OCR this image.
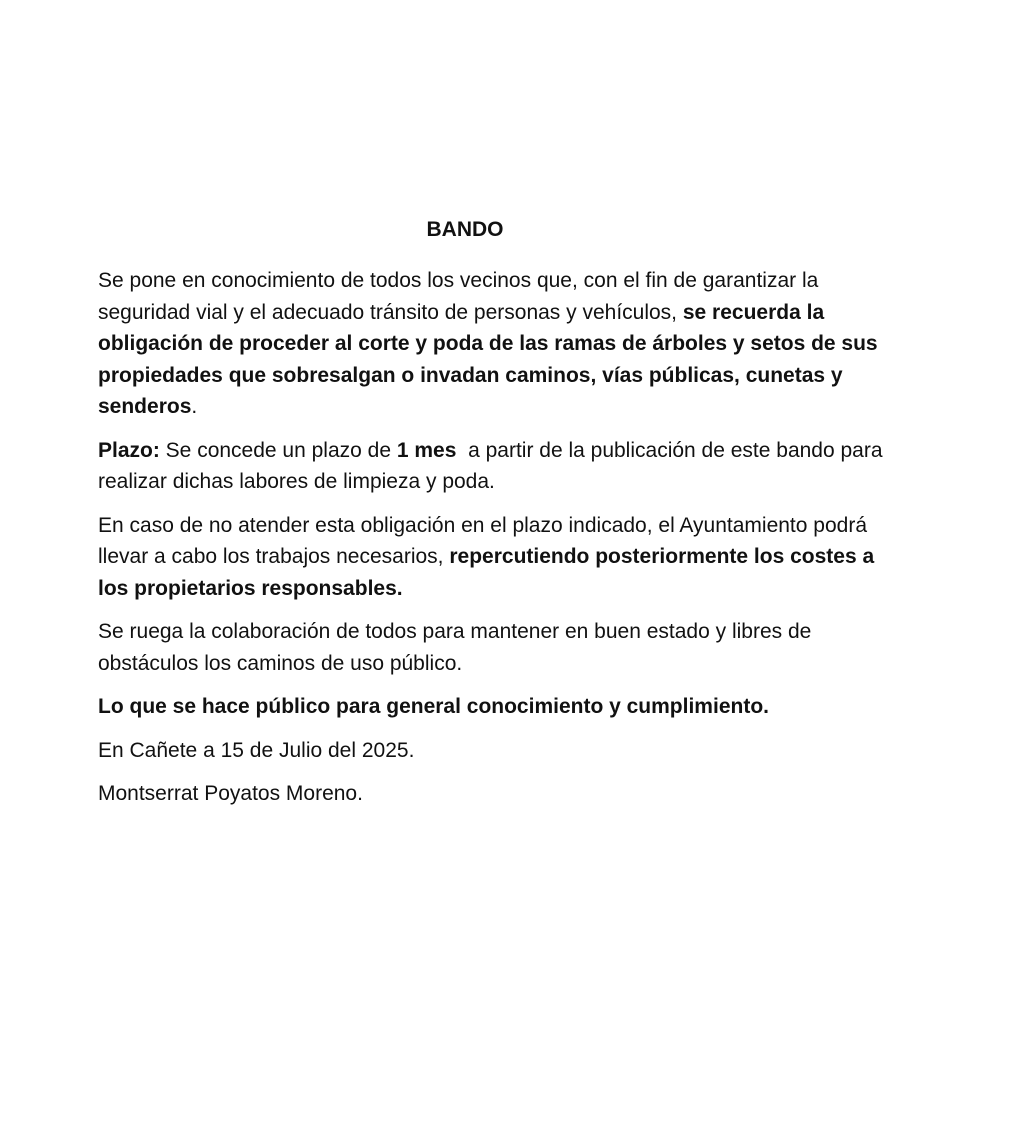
BANDO

Se pone en conocimiento de todos los vecinos que, con el fin de garantizar la seguridad vial y el adecuado tránsito de personas y vehículos, se recuerda la obligación de proceder al corte y poda de las ramas de árboles y setos de sus propiedades que sobresalgan o invadan caminos, vías públicas, cunetas y senderos.

Plazo: Se concede un plazo de 1 mes  a partir de la publicación de este bando para realizar dichas labores de limpieza y poda.

En caso de no atender esta obligación en el plazo indicado, el Ayuntamiento podrá llevar a cabo los trabajos necesarios, repercutiendo posteriormente los costes a los propietarios responsables.

Se ruega la colaboración de todos para mantener en buen estado y libres de obstáculos los caminos de uso público.

Lo que se hace público para general conocimiento y cumplimiento.

En Cañete a 15 de Julio del 2025.

Montserrat Poyatos Moreno.
